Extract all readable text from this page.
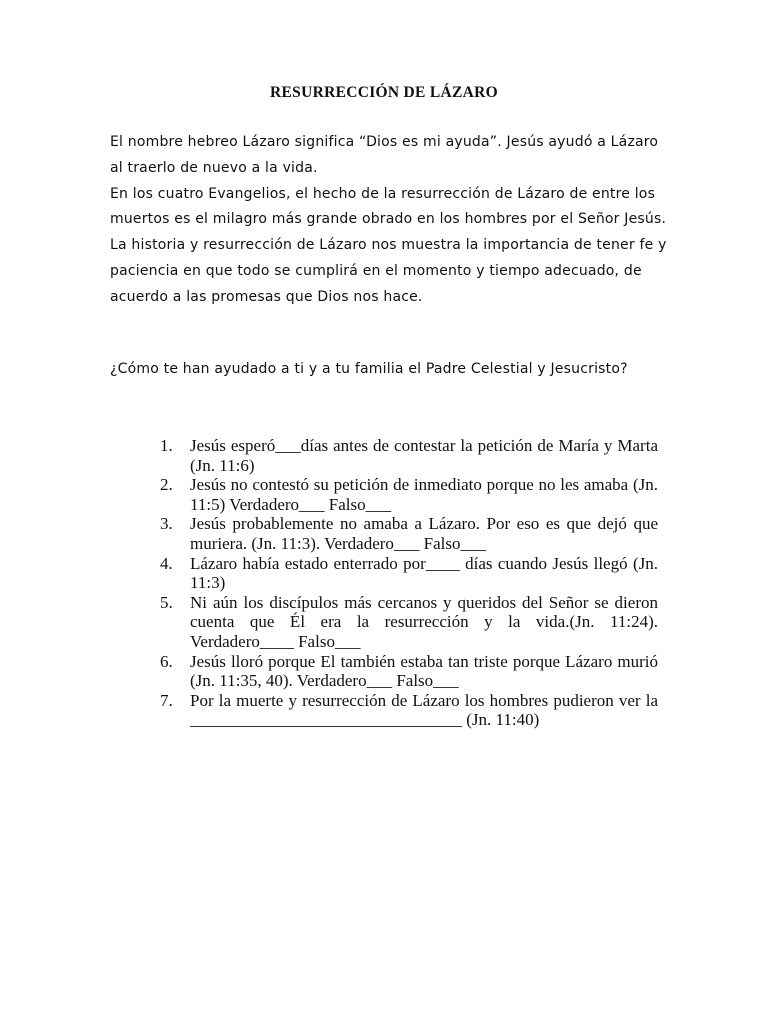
RESURRECCIÓN DE LÁZARO

El nombre hebreo Lázaro significa “Dios es mi ayuda”. Jesús ayudó a Lázaro al traerlo de nuevo a la vida.

En los cuatro Evangelios, el hecho de la resurrección de Lázaro de entre los muertos es el milagro más grande obrado en los hombres por el Señor Jesús.

La historia y resurrección de Lázaro nos muestra la importancia de tener fe y paciencia en que todo se cumplirá en el momento y tiempo adecuado, de acuerdo a las promesas que Dios nos hace.

¿Cómo te han ayudado a ti y a tu familia el Padre Celestial y Jesucristo?
1. Jesús esperó___días antes de contestar la petición de María y Marta (Jn. 11:6)
2. Jesús no contestó su petición de inmediato porque no les amaba (Jn. 11:5) Verdadero___ Falso___
3. Jesús probablemente no amaba a Lázaro. Por eso es que dejó que muriera. (Jn. 11:3). Verdadero___ Falso___
4. Lázaro había estado enterrado por____ días cuando Jesús llegó (Jn. 11:3)
5. Ni aún los discípulos más cercanos y queridos del Señor se dieron cuenta que Él era la resurrección y la vida.(Jn. 11:24). Verdadero____ Falso___
6. Jesús lloró porque El también estaba tan triste porque Lázaro murió (Jn. 11:35, 40). Verdadero___ Falso___
7. Por la muerte y resurrección de Lázaro los hombres pudieron ver la ________________________________ (Jn. 11:40)
